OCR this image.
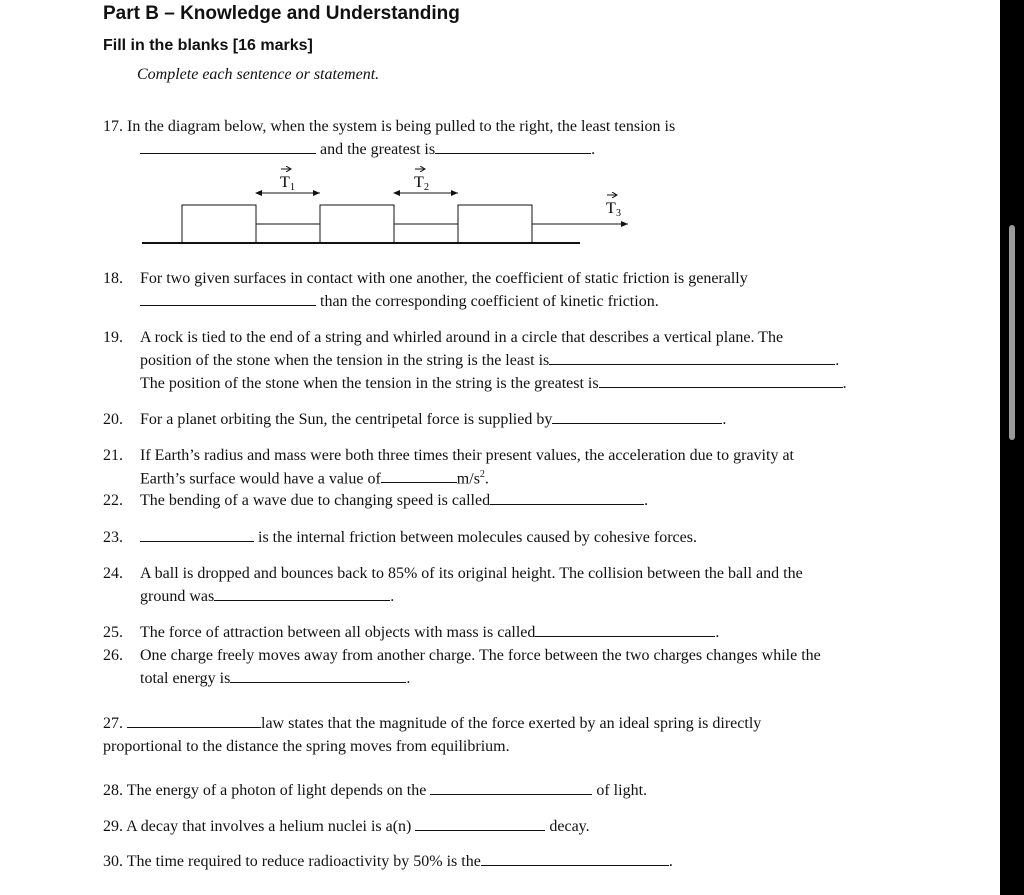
Part B – Knowledge and Understanding
Fill in the blanks [16 marks]
Complete each sentence or statement.
17. In the diagram below, when the system is being pulled to the right, the least tension is
and the greatest is	.
T 1	T 2
T 3
18. For two given surfaces in contact with one another, the coefficient of static friction is generally
than the corresponding coefficient of kinetic friction.
19. A rock is tied to the end of a string and whirled around in a circle that describes a vertical plane. The
position of the stone when the tension in the string is the least is	.
The position of the stone when the tension in the string is the greatest is	.
20. For a planet orbiting the Sun, the centripetal force is supplied by	.
21. If Earth’s radius and mass were both three times their present values, the acceleration due to gravity at
Earth’s surface would have a value of	$m/s^2$.
22. The bending of a wave due to changing speed is called	.
23.	is the internal friction between molecules caused by cohesive forces.
24. A ball is dropped and bounces back to 85% of its original height. The collision between the ball and the
ground was	.
25. The force of attraction between all objects with mass is called	.
26. One charge freely moves away from another charge. The force between the two charges changes while the
total energy is	.
27.	law states that the magnitude of the force exerted by an ideal spring is directly
proportional to the distance the spring moves from equilibrium.
28. The energy of a photon of light depends on the	of light.
29. A decay that involves a helium nuclei is a(n)	decay.
30. The time required to reduce radioactivity by 50% is the	.
